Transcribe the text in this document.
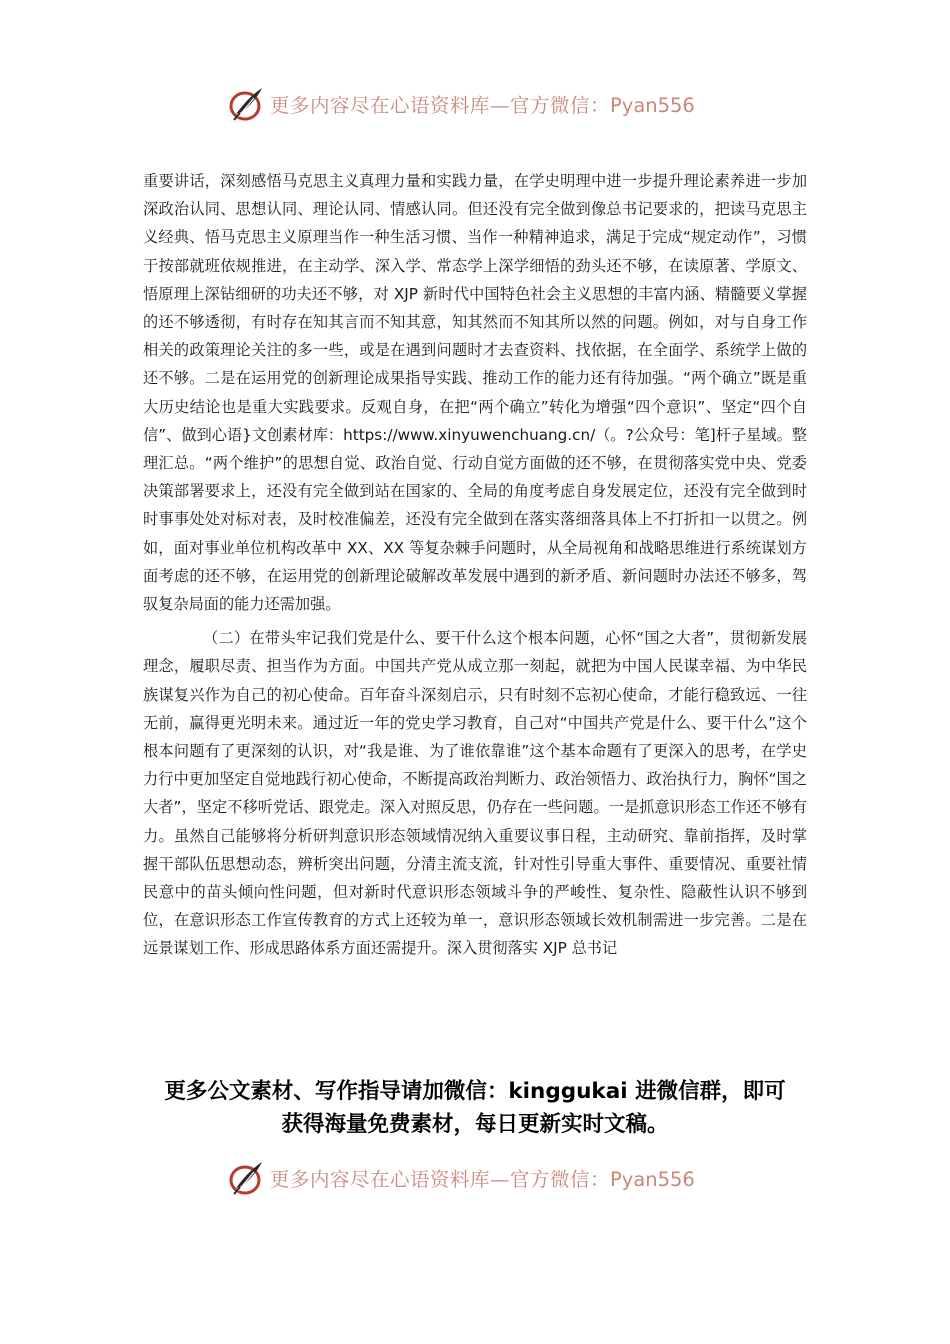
更多内容尽在心语资料库—官方微信：Pyan556

重要讲话，深刻感悟马克思主义真理力量和实践力量，在学史明理中进一步提升理论素养进一步加深政治认同、思想认同、理论认同、情感认同。但还没有完全做到像总书记要求的，把读马克思主义经典、悟马克思主义原理当作一种生活习惯、当作一种精神追求，满足于完成“规定动作”，习惯于按部就班依规推进，在主动学、深入学、常态学上深学细悟的劲头还不够，在读原著、学原文、悟原理上深钻细研的功夫还不够，对 XJP 新时代中国特色社会主义思想的丰富内涵、精髓要义掌握的还不够透彻，有时存在知其言而不知其意，知其然而不知其所以然的问题。例如，对与自身工作相关的政策理论关注的多一些，或是在遇到问题时才去查资料、找依据，在全面学、系统学上做的还不够。二是在运用党的创新理论成果指导实践、推动工作的能力还有待加强。“两个确立”既是重大历史结论也是重大实践要求。反观自身，在把“两个确立”转化为增强“四个意识”、坚定“四个自信”、做到心语}文创素材库：https://www.xinyuwenchuang.cn/（。?公众号：笔]杆子星域。整理汇总。“两个维护”的思想自觉、政治自觉、行动自觉方面做的还不够，在贯彻落实党中央、党委决策部署要求上，还没有完全做到站在国家的、全局的角度考虑自身发展定位，还没有完全做到时时事事处处对标对表，及时校准偏差，还没有完全做到在落实落细落具体上不打折扣一以贯之。例如，面对事业单位机构改革中 XX、XX 等复杂棘手问题时，从全局视角和战略思维进行系统谋划方面考虑的还不够，在运用党的创新理论破解改革发展中遇到的新矛盾、新问题时办法还不够多，驾驭复杂局面的能力还需加强。

（二）在带头牢记我们党是什么、要干什么这个根本问题，心怀“国之大者”，贯彻新发展理念，履职尽责、担当作为方面。中国共产党从成立那一刻起，就把为中国人民谋幸福、为中华民族谋复兴作为自己的初心使命。百年奋斗深刻启示，只有时刻不忘初心使命，才能行稳致远、一往无前，赢得更光明未来。通过近一年的党史学习教育，自己对“中国共产党是什么、要干什么”这个根本问题有了更深刻的认识，对“我是谁、为了谁依靠谁”这个基本命题有了更深入的思考，在学史力行中更加坚定自觉地践行初心使命，不断提高政治判断力、政治领悟力、政治执行力，胸怀“国之大者”，坚定不移听党话、跟党走。深入对照反思，仍存在一些问题。一是抓意识形态工作还不够有力。虽然自己能够将分析研判意识形态领域情况纳入重要议事日程，主动研究、靠前指挥，及时掌握干部队伍思想动态，辨析突出问题，分清主流支流，针对性引导重大事件、重要情况、重要社情民意中的苗头倾向性问题，但对新时代意识形态领域斗争的严峻性、复杂性、隐蔽性认识不够到位，在意识形态工作宣传教育的方式上还较为单一，意识形态领域长效机制需进一步完善。二是在远景谋划工作、形成思路体系方面还需提升。深入贯彻落实 XJP 总书记

更多公文素材、写作指导请加微信：kinggukai 进微信群，即可
获得海量免费素材，每日更新实时文稿。
更多内容尽在心语资料库—官方微信：Pyan556
